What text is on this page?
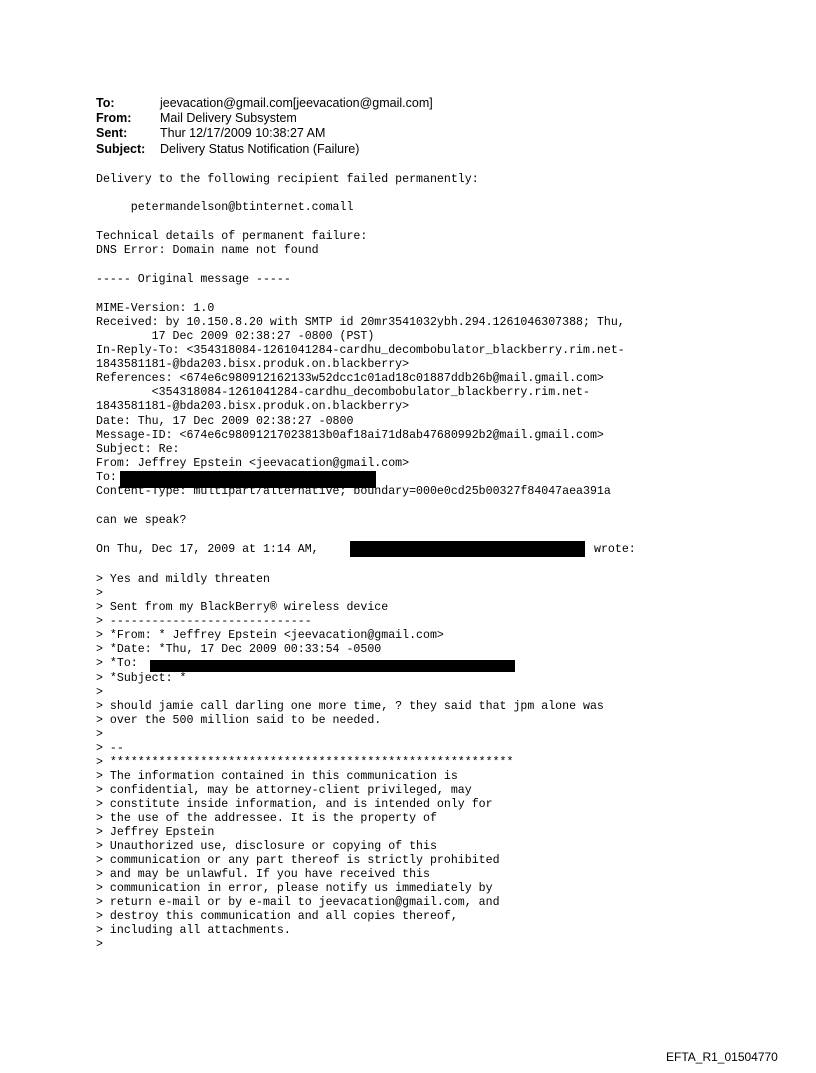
To:	jeevacation@gmail.com[jeevacation@gmail.com]
From: Mail Delivery Subsystem
Sent:	Thur 12/17/2009 10:38:27 AM
Subject: Delivery Status Notification (Failure)
Delivery to the following recipient failed permanently:
petermandelson@btinternet.comall
Technical details of permanent failure:
DNS Error: Domain name not found
----- Original message -----
MIME-Version: 1.0
Received: by 10.150.8.20 with SMTP id 20mr3541032ybh.294.1261046307388; Thu,
17 Dec 2009 02:38:27 -0800 (PST)
In-Reply-To: <354318084-1261041284-cardhu_decombobulator_blackberry.rim.net-
1843581181-@bda203.bisx.produk.on.blackberry>
References: <674e6c980912162133w52dcc1c01ad18c01887ddb26b@mail.gmail.com>
<354318084-1261041284-cardhu_decombobulator_blackberry.rim.net-
1843581181-@bda203.bisx.produk.on.blackberry>
Date: Thu, 17 Dec 2009 02:38:27 -0800
Message-ID: <674e6c98091217023813b0af18ai71d8ab47680992b2@mail.gmail.com>
Subject: Re:
From: Jeffrey Epstein <jeevacation@gmail.com>
To:
Content-Type: multipart/alternative; boundary=000e0cd25b00327f84047aea391a
can we speak?
On Thu, Dec 17, 2009 at 1:14 AM,	wrote:
> Yes and mildly threaten
>
> Sent from my BlackBerry® wireless device
> -----------------------------
> *From: * Jeffrey Epstein <jeevacation@gmail.com>
> *Date: *Thu, 17 Dec 2009 00:33:54 -0500
> *To:
> *Subject: *
>
> should jamie call darling one more time, ? they said that jpm alone was
> over the 500 million said to be needed.
>
> --
> **********************************************************
> The information contained in this communication is
> confidential, may be attorney-client privileged, may
> constitute inside information, and is intended only for
> the use of the addressee. It is the property of
> Jeffrey Epstein
> Unauthorized use, disclosure or copying of this
> communication or any part thereof is strictly prohibited
> and may be unlawful. If you have received this
> communication in error, please notify us immediately by
> return e-mail or by e-mail to jeevacation@gmail.com, and
> destroy this communication and all copies thereof,
> including all attachments.
>
EFTA_R1_01504770
